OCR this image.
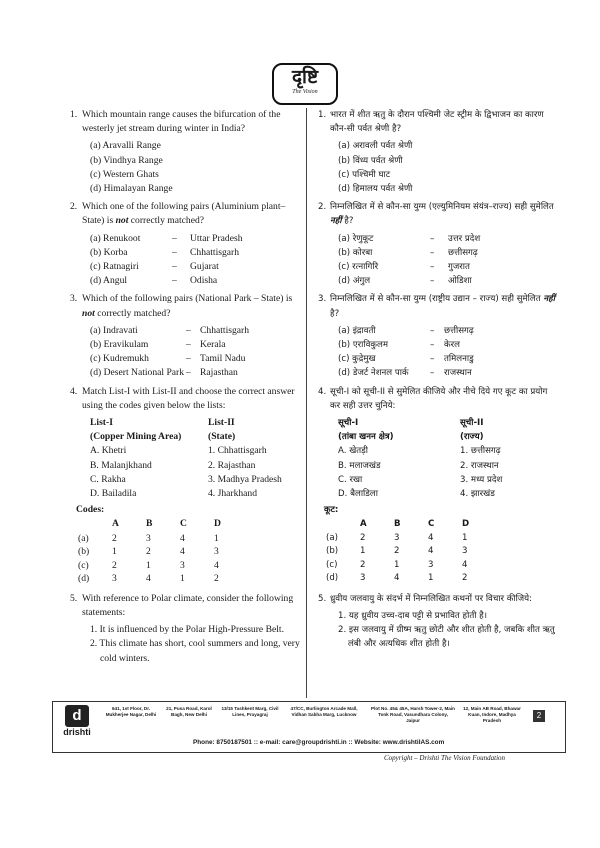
दृष्टि
The Vision
1. Which mountain range causes the bifurcation of the westerly jet stream during winter in India?
(a) Aravalli Range
(b) Vindhya Range
(c) Western Ghats
(d) Himalayan Range
2. Which one of the following pairs (Aluminium plant–State) is not correctly matched?
(a) Renukoot	–	Uttar Pradesh
(b) Korba	–	Chhattisgarh
(c) Ratnagiri	–	Gujarat
(d) Angul	–	Odisha
3. Which of the following pairs (National Park – State) is not correctly matched?
(a) Indravati	– Chhattisgarh
(b) Eravikulam	– Kerala
(c) Kudremukh	– Tamil Nadu
(d) Desert National Park – Rajasthan
4. Match List-I with List-II and choose the correct answer using the codes given below the lists:
List-I	List-II
(Copper Mining Area)	(State)
A. Khetri	1. Chhattisgarh
B. Malanjkhand	2. Rajasthan
C. Rakha	3. Madhya Pradesh
D. Bailadila	4. Jharkhand
Codes:
	A	B	C	D
(a)	2	3	4	1
(b)	1	2	4	3
(c)	2	1	3	4
(d)	3	4	1	2
5. With reference to Polar climate, consider the following statements:
1. It is influenced by the Polar High-Pressure Belt.
2. This climate has short, cool summers and long, very cold winters.
1. भारत में शीत ऋतु के दौरान पश्चिमी जेट स्ट्रीम के द्विभाजन का कारण कौन-सी पर्वत श्रेणी है?
(a) अरावली पर्वत श्रेणी
(b) विंध्य पर्वत श्रेणी
(c) पश्चिमी घाट
(d) हिमालय पर्वत श्रेणी
2. निम्नलिखित में से कौन-सा युग्म (एल्युमिनियम संयंत्र–राज्य) सही सुमेलित नहीं है?
(a) रेणुकूट	–	उत्तर प्रदेश
(b) कोरबा	–	छत्तीसगढ़
(c) रत्नागिरि	–	गुजरात
(d) अंगुल	–	ओडिशा
3. निम्नलिखित में से कौन-सा युग्म (राष्ट्रीय उद्यान – राज्य) सही सुमेलित नहीं है?
(a) इंद्रावती	–	छत्तीसगढ़
(b) एराविकुलम	–	केरल
(c) कुद्रेमुख	–	तमिलनाडु
(d) डेजर्ट नेशनल पार्क	–	राजस्थान
4. सूची-I को सूची-II से सुमेलित कीजिये और नीचे दिये गए कूट का प्रयोग कर सही उत्तर चुनिये:
सूची-I	सूची-II
(तांबा खनन क्षेत्र)	(राज्य)
A. खेतड़ी	1. छत्तीसगढ़
B. मलाजखंड	2. राजस्थान
C. रखा	3. मध्य प्रदेश
D. बैलाडिला	4. झारखंड
कूट:
	A	B	C	D
(a)	2	3	4	1
(b)	1	2	4	3
(c)	2	1	3	4
(d)	3	4	1	2
5. ध्रुवीय जलवायु के संदर्भ में निम्नलिखित कथनों पर विचार कीजिये:
1. यह ध्रुवीय उच्च-दाब पट्टी से प्रभावित होती है।
2. इस जलवायु में ग्रीष्म ऋतु छोटी और शीत होती है, जबकि शीत ऋतु लंबी और अत्यधिक शीत होती है।
d
drishti
641, 1st Floor, Dr. Mukherjee Nagar, Delhi
21, Pusa Road, Karol Bagh, New Delhi
13/15 Tashkent Marg, Civil Lines, Prayagraj
47/CC, Burlington Arcade Mall, Vidhan Sabha Marg, Lucknow
Plot No. 45& 45A, Harsh Tower-2, Main Tonk Road, Vasundhara Colony, Jaipur
12, Main AB Road, Bhawar Kuan, Indore, Madhya Pradesh
2
Phone: 8750187501 :: e-mail: care@groupdrishti.in :: Website: www.drishtiIAS.com
Copyright – Drishti The Vision Foundation
